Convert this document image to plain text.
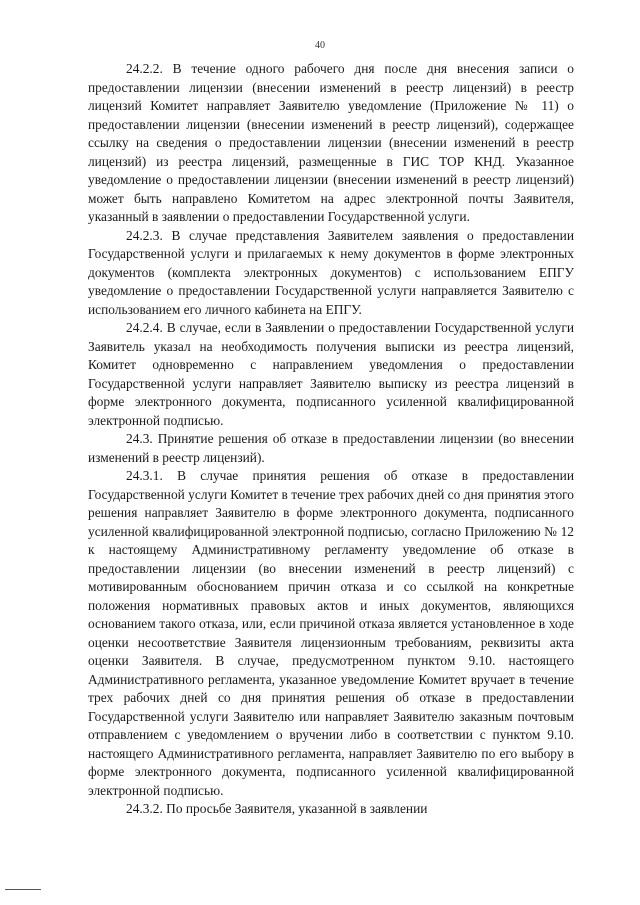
40

24.2.2. В течение одного рабочего дня после дня внесения записи о предоставлении лицензии (внесении изменений в реестр лицензий) в реестр лицензий Комитет направляет Заявителю уведомление (Приложение № 11) о предоставлении лицензии (внесении изменений в реестр лицензий), содержащее ссылку на сведения о предоставлении лицензии (внесении изменений в реестр лицензий) из реестра лицензий, размещенные в ГИС ТОР КНД. Указанное уведомление о предоставлении лицензии (внесении изменений в реестр лицензий) может быть направлено Комитетом на адрес электронной почты Заявителя, указанный в заявлении о предоставлении Государственной услуги.

24.2.3. В случае представления Заявителем заявления о предоставлении Государственной услуги и прилагаемых к нему документов в форме электронных документов (комплекта электронных документов) с использованием ЕПГУ уведомление о предоставлении Государственной услуги направляется Заявителю с использованием его личного кабинета на ЕПГУ.

24.2.4. В случае, если в Заявлении о предоставлении Государственной услуги Заявитель указал на необходимость получения выписки из реестра лицензий, Комитет одновременно с направлением уведомления о предоставлении Государственной услуги направляет Заявителю выписку из реестра лицензий в форме электронного документа, подписанного усиленной квалифицированной электронной подписью.

24.3. Принятие решения об отказе в предоставлении лицензии (во внесении изменений в реестр лицензий).

24.3.1. В случае принятия решения об отказе в предоставлении Государственной услуги Комитет в течение трех рабочих дней со дня принятия этого решения направляет Заявителю в форме электронного документа, подписанного усиленной квалифицированной электронной подписью, согласно Приложению № 12 к настоящему Административному регламенту уведомление об отказе в предоставлении лицензии (во внесении изменений в реестр лицензий) с мотивированным обоснованием причин отказа и со ссылкой на конкретные положения нормативных правовых актов и иных документов, являющихся основанием такого отказа, или, если причиной отказа является установленное в ходе оценки несоответствие Заявителя лицензионным требованиям, реквизиты акта оценки Заявителя. В случае, предусмотренном пунктом 9.10. настоящего Административного регламента, указанное уведомление Комитет вручает в течение трех рабочих дней со дня принятия решения об отказе в предоставлении Государственной услуги Заявителю или направляет Заявителю заказным почтовым отправлением с уведомлением о вручении либо в соответствии с пунктом 9.10. настоящего Административного регламента, направляет Заявителю по его выбору в форме электронного документа, подписанного усиленной квалифицированной электронной подписью.

24.3.2. По просьбе Заявителя, указанной в заявлении
